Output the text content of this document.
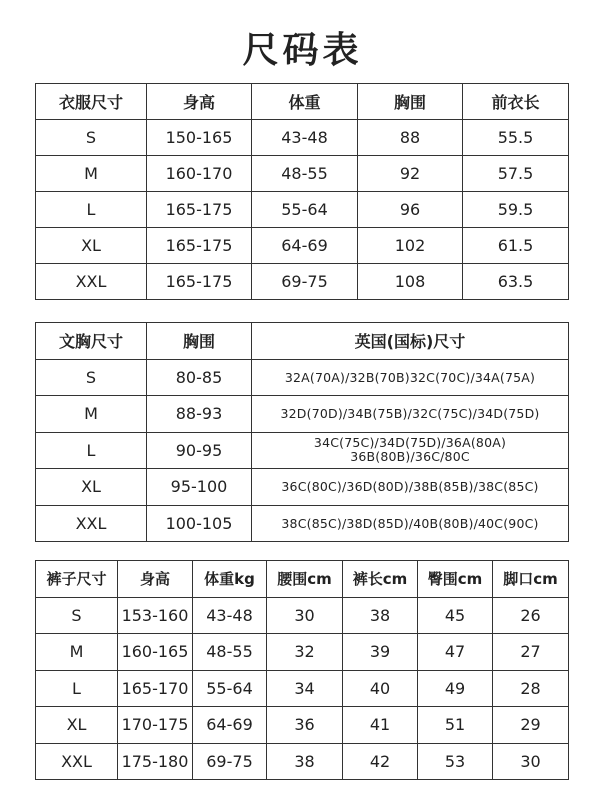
尺码表
衣服尺寸	身高	体重	胸围	前衣长
S	150-165	43-48	88	55.5
M	160-170	48-55	92	57.5
L	165-175	55-64	96	59.5
XL	165-175	64-69	102	61.5
XXL	165-175	69-75	108	63.5
文胸尺寸	胸围	英国(国标)尺寸
S	80-85	32A(70A)/32B(70B)32C(70C)/34A(75A)
M	88-93	32D(70D)/34B(75B)/32C(75C)/34D(75D)
L	90-95	34C(75C)/34D(75D)/36A(80A)
36B(80B)/36C/80C

XL	95-100	36C(80C)/36D(80D)/38B(85B)/38C(85C)
XXL	100-105	38C(85C)/38D(85D)/40B(80B)/40C(90C)
裤子尺寸	身高	体重kg	腰围cm	裤长cm	臀围cm	脚口cm
S	153-160	43-48	30	38	45	26
M	160-165	48-55	32	39	47	27
L	165-170	55-64	34	40	49	28
XL	170-175	64-69	36	41	51	29
XXL	175-180	69-75	38	42	53	30
